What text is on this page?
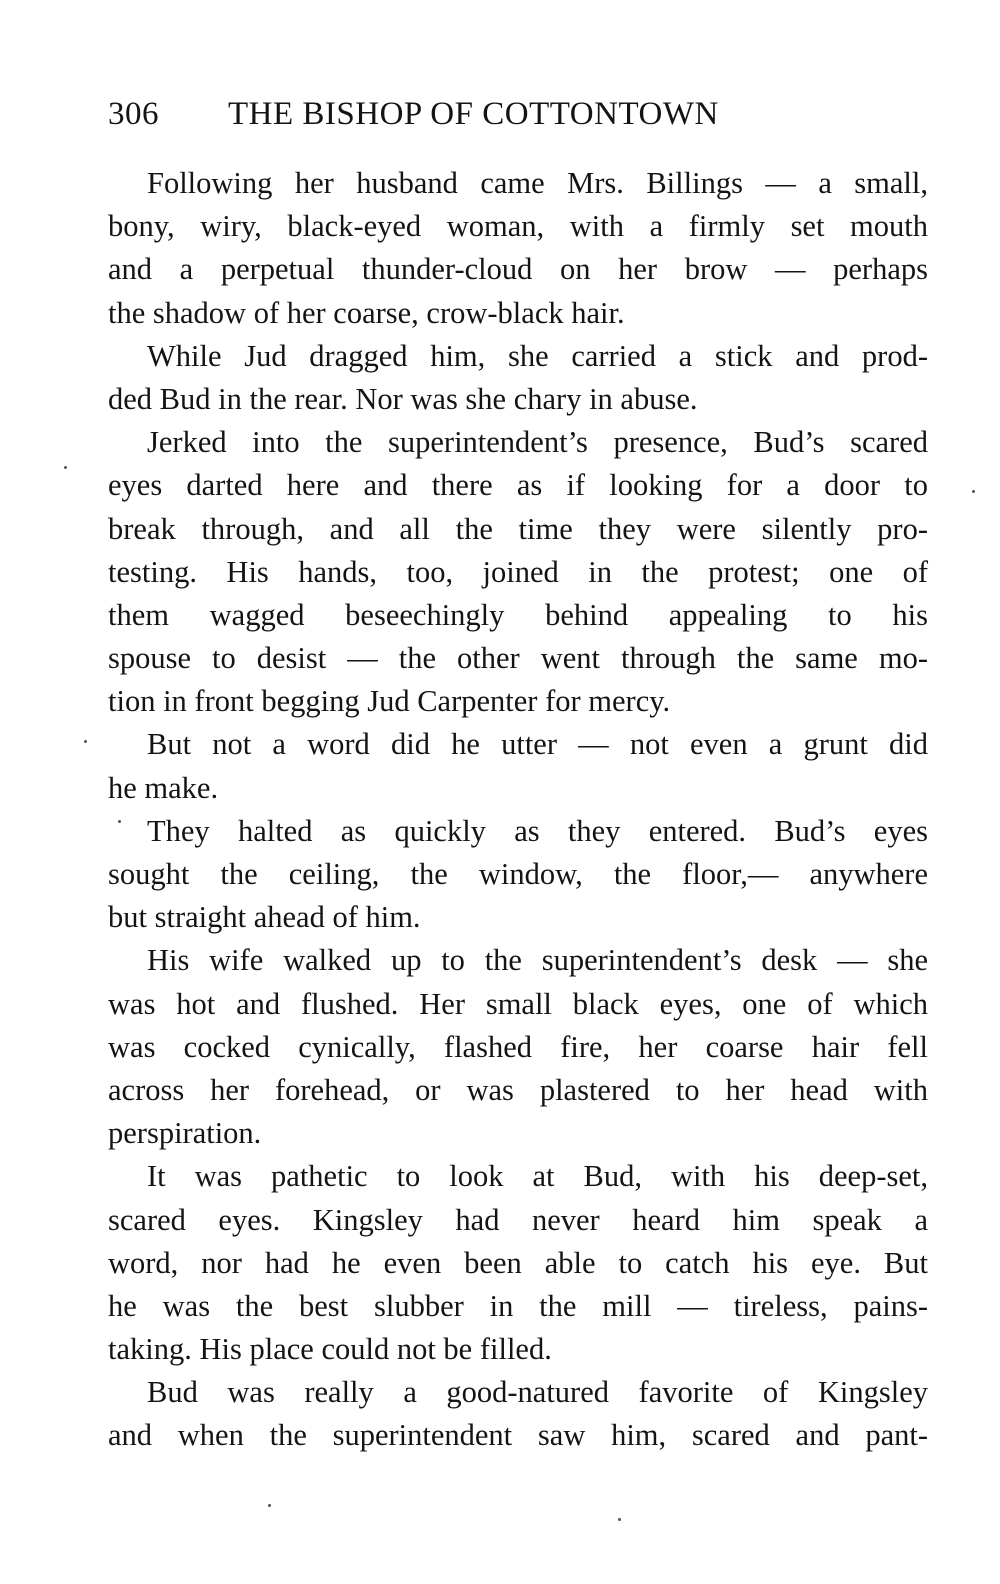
306 THE BISHOP OF COTTONTOWN
Following her husband came Mrs. Billings — a small,
bony, wiry, black-eyed woman, with a firmly set mouth
and a perpetual thunder-cloud on her brow — perhaps
the shadow of her coarse, crow-black hair.
While Jud dragged him, she carried a stick and prod-
ded Bud in the rear. Nor was she chary in abuse.
Jerked into the superintendent’s presence, Bud’s scared
eyes darted here and there as if looking for a door to
break through, and all the time they were silently pro-
testing. His hands, too, joined in the protest; one of
them wagged beseechingly behind appealing to his
spouse to desist — the other went through the same mo-
tion in front begging Jud Carpenter for mercy.
But not a word did he utter — not even a grunt did
he make.
They halted as quickly as they entered. Bud’s eyes
sought the ceiling, the window, the floor,— anywhere
but straight ahead of him.
His wife walked up to the superintendent’s desk — she
was hot and flushed. Her small black eyes, one of which
was cocked cynically, flashed fire, her coarse hair fell
across her forehead, or was plastered to her head with
perspiration.
It was pathetic to look at Bud, with his deep-set,
scared eyes. Kingsley had never heard him speak a
word, nor had he even been able to catch his eye. But
he was the best slubber in the mill — tireless, pains-
taking. His place could not be filled.
Bud was really a good-natured favorite of Kingsley
and when the superintendent saw him, scared and pant-
